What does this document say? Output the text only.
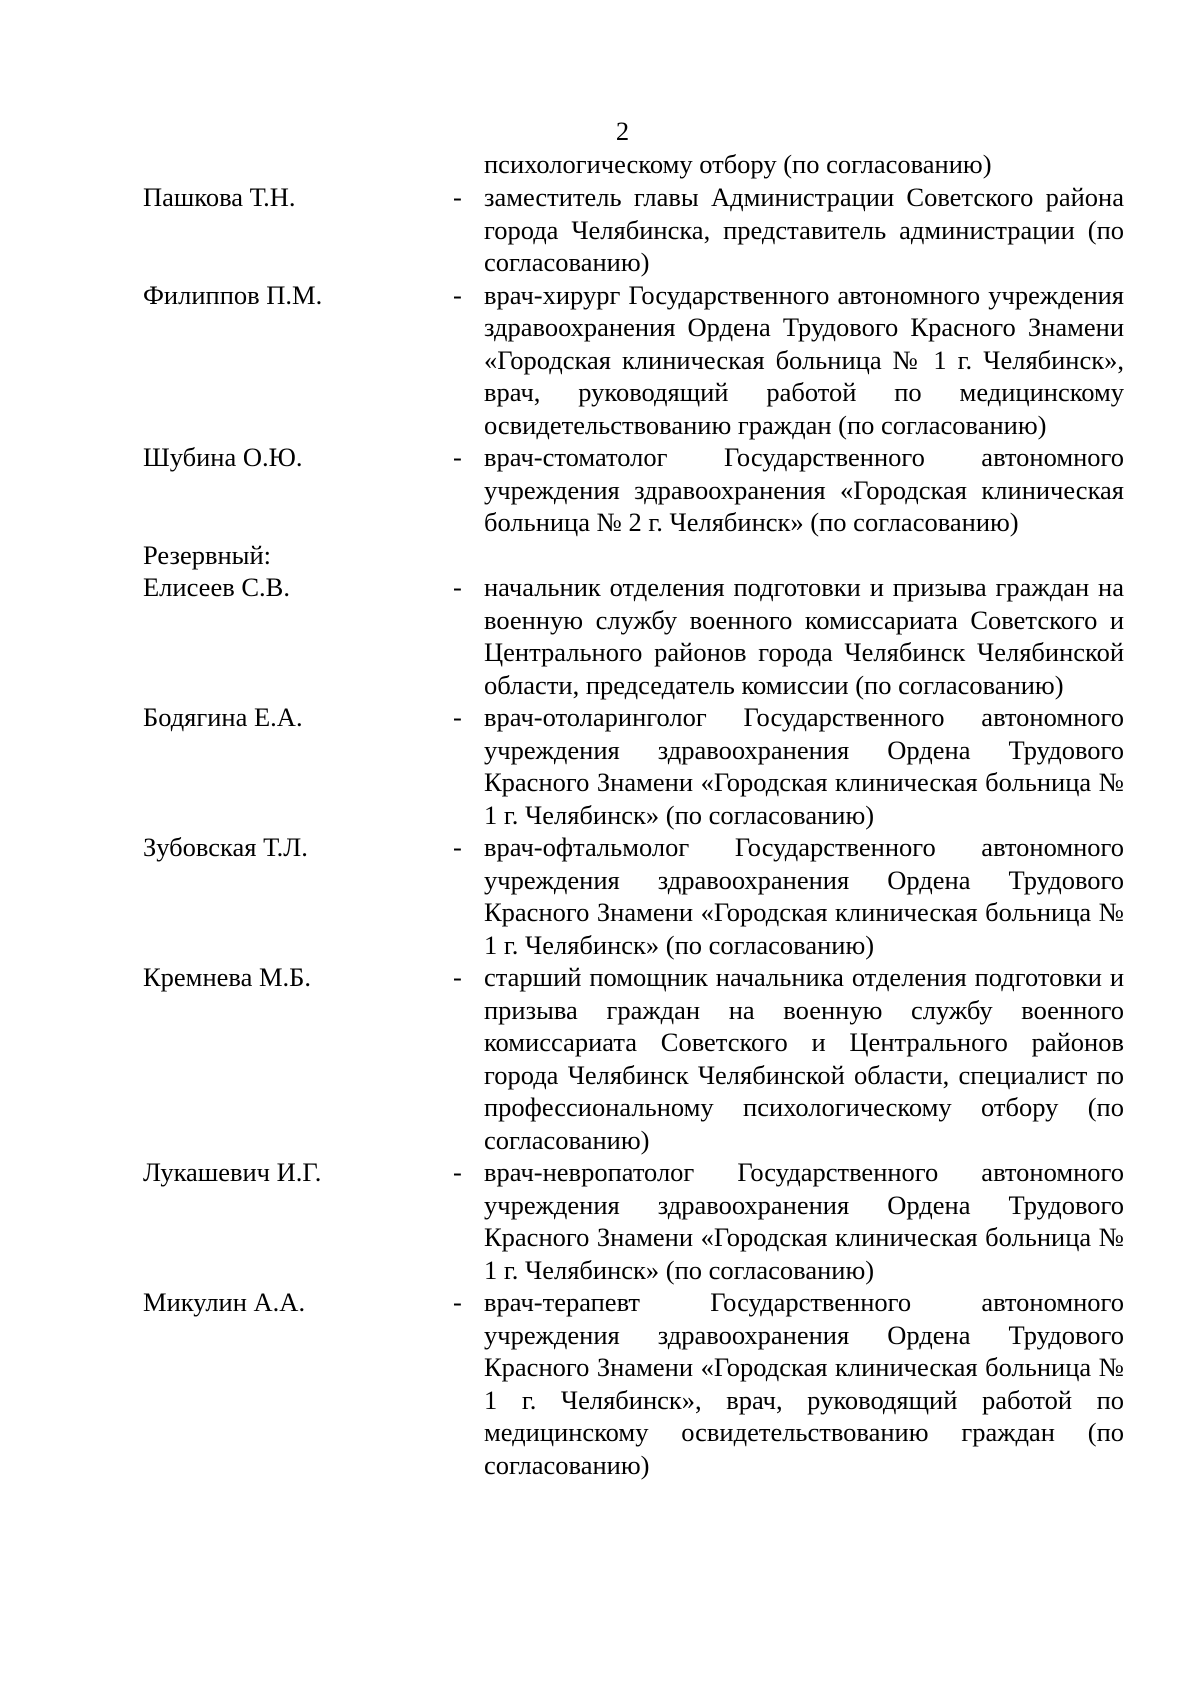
2
психологическому отбору (по согласованию)
Пашкова Т.Н.	- заместитель главы Администрации Советского района города Челябинска, представитель администрации (по согласованию)
Филиппов П.М.	- врач-хирург Государственного автономного учреждения здравоохранения Ордена Трудового Красного Знамени «Городская клиническая больница № 1 г. Челябинск», врач, руководящий работой по медицинскому освидетельствованию граждан (по согласованию)
Шубина О.Ю.	- врач-стоматолог Государственного автономного учреждения здравоохранения «Городская клиническая больница № 2 г. Челябинск» (по согласованию)
Резервный:
Елисеев С.В.	- начальник отделения подготовки и призыва граждан на военную службу военного комиссариата Советского и Центрального районов города Челябинск Челябинской области, председатель комиссии (по согласованию)
Бодягина Е.А.	- врач-отоларинголог Государственного автономного учреждения здравоохранения Ордена Трудового Красного Знамени «Городская клиническая больница № 1 г. Челябинск» (по согласованию)
Зубовская Т.Л.	- врач-офтальмолог Государственного автономного учреждения здравоохранения Ордена Трудового Красного Знамени «Городская клиническая больница № 1 г. Челябинск» (по согласованию)
Кремнева М.Б.	- старший помощник начальника отделения подготовки и призыва граждан на военную службу военного комиссариата Советского и Центрального районов города Челябинск Челябинской области, специалист по профессиональному психологическому отбору (по согласованию)
Лукашевич И.Г.	- врач-невропатолог Государственного автономного учреждения здравоохранения Ордена Трудового Красного Знамени «Городская клиническая больница № 1 г. Челябинск» (по согласованию)
Микулин А.А.	- врач-терапевт Государственного автономного учреждения здравоохранения Ордена Трудового Красного Знамени «Городская клиническая больница № 1 г. Челябинск», врач, руководящий работой по медицинскому освидетельствованию граждан (по согласованию)
